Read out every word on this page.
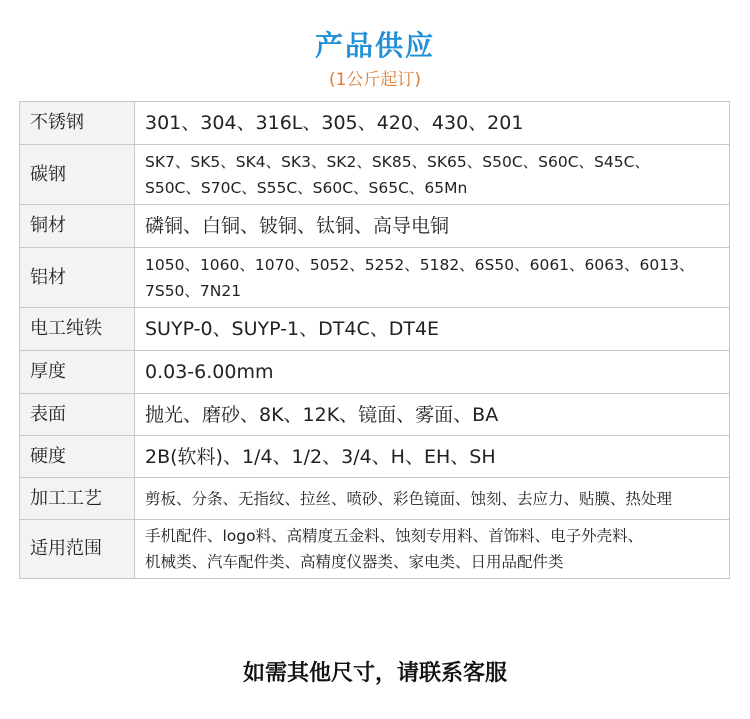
产品供应
(1公斤起订)
不锈钢	301、304、316L、305、420、430、201
碳钢	SK7、SK5、SK4、SK3、SK2、SK85、SK65、S50C、S60C、S45C、
S50C、S70C、S55C、S60C、S65C、65Mn

铜材	磷铜、白铜、铍铜、钛铜、高导电铜
铝材	1050、1060、1070、5052、5252、5182、6S50、6061、6063、6013、
7S50、7N21

电工纯铁	SUYP-0、SUYP-1、DT4C、DT4E
厚度	0.03-6.00mm
表面	抛光、磨砂、8K、12K、镜面、雾面、BA
硬度	2B(软料)、1/4、1/2、3/4、H、EH、SH
加工工艺	剪板、分条、无指纹、拉丝、喷砂、彩色镜面、蚀刻、去应力、贴膜、热处理
适用范围	手机配件、logo料、高精度五金料、蚀刻专用料、首饰料、电子外壳料、
机械类、汽车配件类、高精度仪器类、家电类、日用品配件类
如需其他尺寸，请联系客服
